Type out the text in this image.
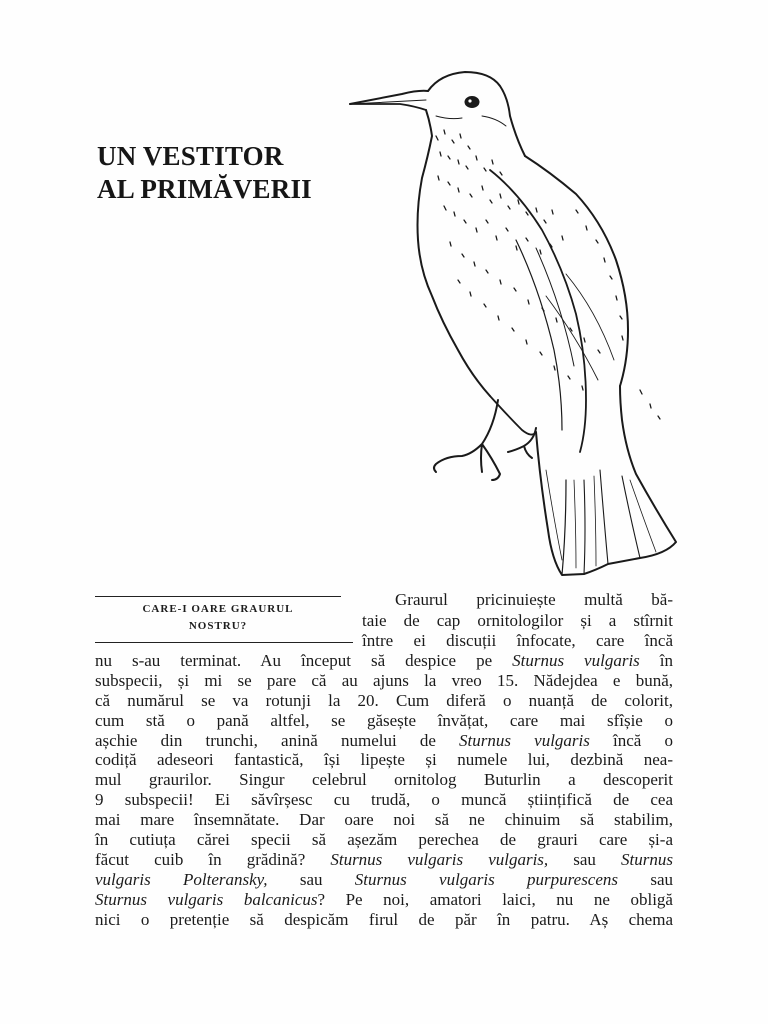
UN VESTITOR
AL PRIMĂVERII
CARE-I OARE GRAURUL
NOSTRU?
Graurul pricinuiește multă bă-
taie de cap ornitologilor și a stîrnit
între ei discuții înfocate, care încă
nu s-au terminat. Au început să despice pe Sturnus vulgaris în
subspecii, și mi se pare că au ajuns la vreo 15. Nădejdea e bună,
că numărul se va rotunji la 20. Cum diferă o nuanță de colorit,
cum stă o pană altfel, se găsește învățat, care mai sfîșie o
așchie din trunchi, anină numelui de Sturnus vulgaris încă o
codiță adeseori fantastică, își lipește și numele lui, dezbină nea-
mul graurilor. Singur celebrul ornitolog Buturlin a descoperit
9 subspecii! Ei săvîrșesc cu trudă, o muncă științifică de cea
mai mare însemnătate. Dar oare noi să ne chinuim să stabilim,
în cutiuța cărei specii să așezăm perechea de grauri care și-a
făcut cuib în grădină? Sturnus vulgaris vulgaris, sau Sturnus
vulgaris Polteransky, sau Sturnus vulgaris purpurescens sau
Sturnus vulgaris balcanicus? Pe noi, amatori laici, nu ne obligă
nici o pretenție să despicăm firul de păr în patru. Aș chema
